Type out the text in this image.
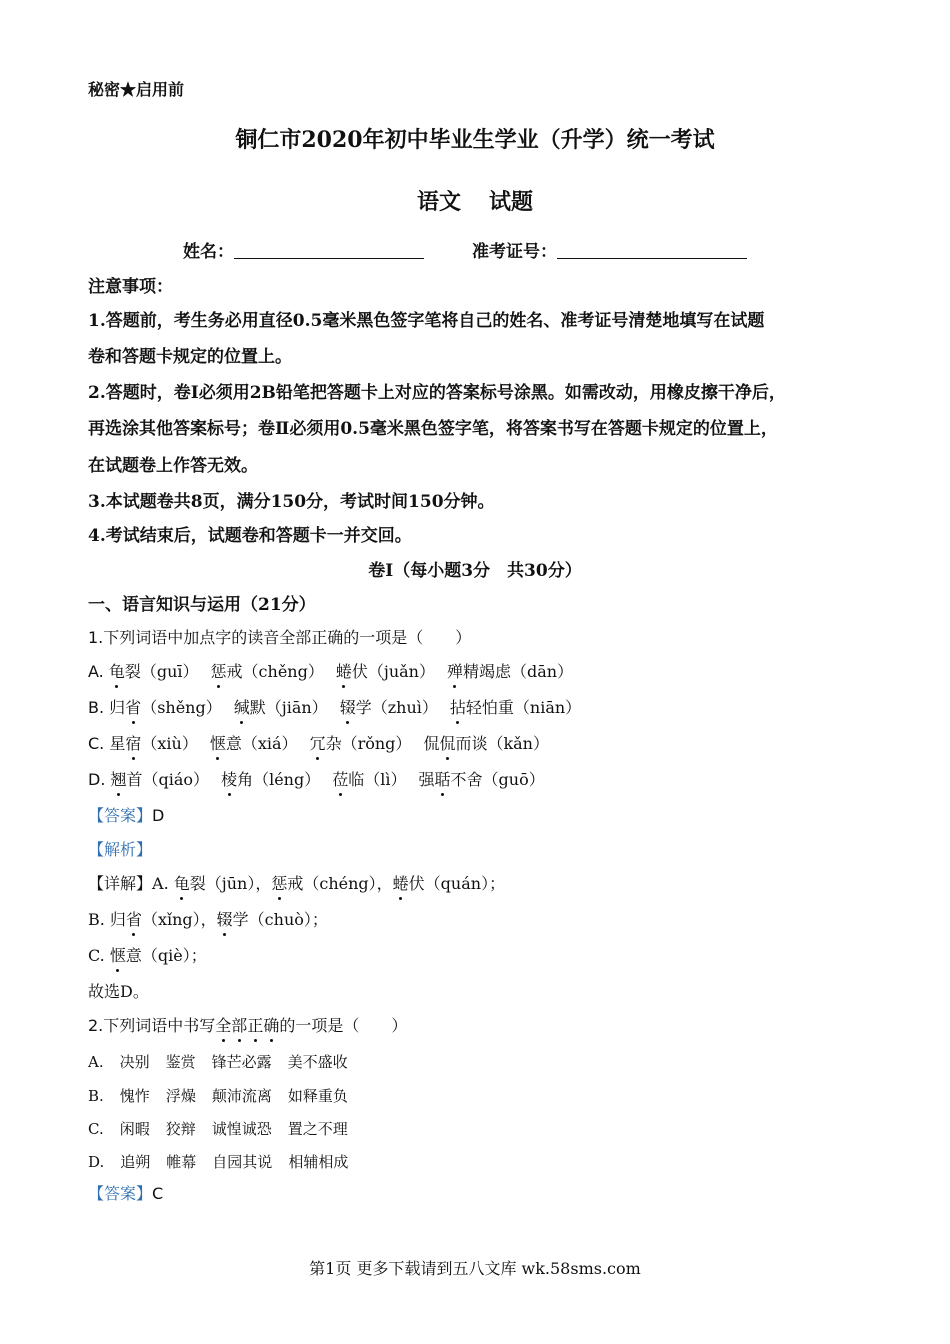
秘密★启用前
铜仁市2020年初中毕业生学业（升学）统一考试
语文 试题
姓名：	准考证号：
注意事项：
1.答题前，考生务必用直径0.5毫米黑色签字笔将自己的姓名、准考证号清楚地填写在试题
卷和答题卡规定的位置上。
2.答题时，卷Ⅰ必须用2B铅笔把答题卡上对应的答案标号涂黑。如需改动，用橡皮擦干净后，
再选涂其他答案标号；卷Ⅱ必须用0.5毫米黑色签字笔，将答案书写在答题卡规定的位置上，
在试题卷上作答无效。
3.本试题卷共8页，满分150分，考试时间150分钟。
4.考试结束后，试题卷和答题卡一并交回。
卷Ⅰ（每小题3分　共30分）
一、语言知识与运用（21分）
1.下列词语中加点字的读音全部正确的一项是（　　）
A. 龟裂（guī） 惩戒（chěng） 蜷伏（juǎn） 殚精竭虑（dān）
B. 归省（shěng） 缄默（jiān） 辍学（zhuì） 拈轻怕重（niān）
C. 星宿（xiù） 惬意（xiá） 冗杂（rǒng） 侃侃而谈（kǎn）
D. 翘首（qiáo） 棱角（léng） 莅临（lì） 强聒不舍（guō）
【答案】D
【解析】
【详解】A. 龟裂（jūn），惩戒（chéng），蜷伏（quán）；
B. 归省（xǐng），辍学（chuò）；
C. 惬意（qiè）；
故选D。
2.下列词语中书写全部正确的一项是（　　）
A. 决别 鉴赏 锋芒必露 美不盛收
B. 愧怍 浮燥 颠沛流离 如释重负
C. 闲暇 狡辩 诚惶诚恐 置之不理
D. 追朔 帷幕 自园其说 相辅相成
【答案】C
第1页 更多下载请到五八文库 wk.58sms.com
